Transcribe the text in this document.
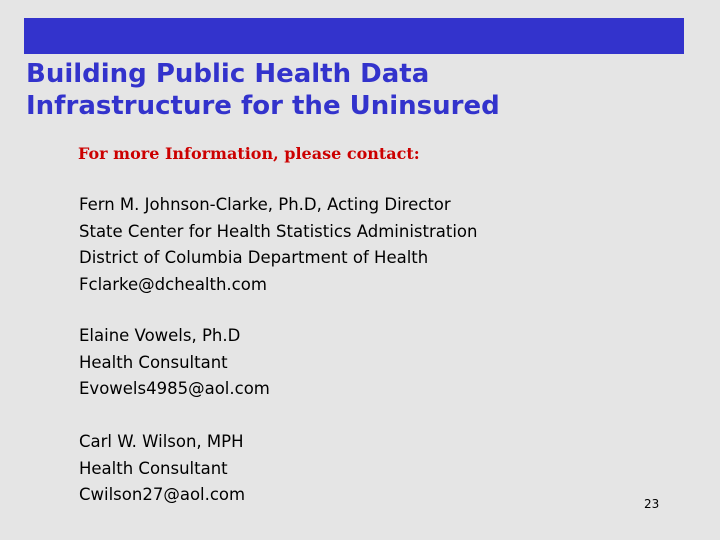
Building Public Health Data
Infrastructure for the Uninsured
For more Information, please contact:
Fern M. Johnson-Clarke, Ph.D, Acting Director
State Center for Health Statistics Administration
District of Columbia Department of Health
Fclarke@dchealth.com
Elaine Vowels, Ph.D
Health Consultant
Evowels4985@aol.com
Carl W. Wilson, MPH
Health Consultant
Cwilson27@aol.com	23
